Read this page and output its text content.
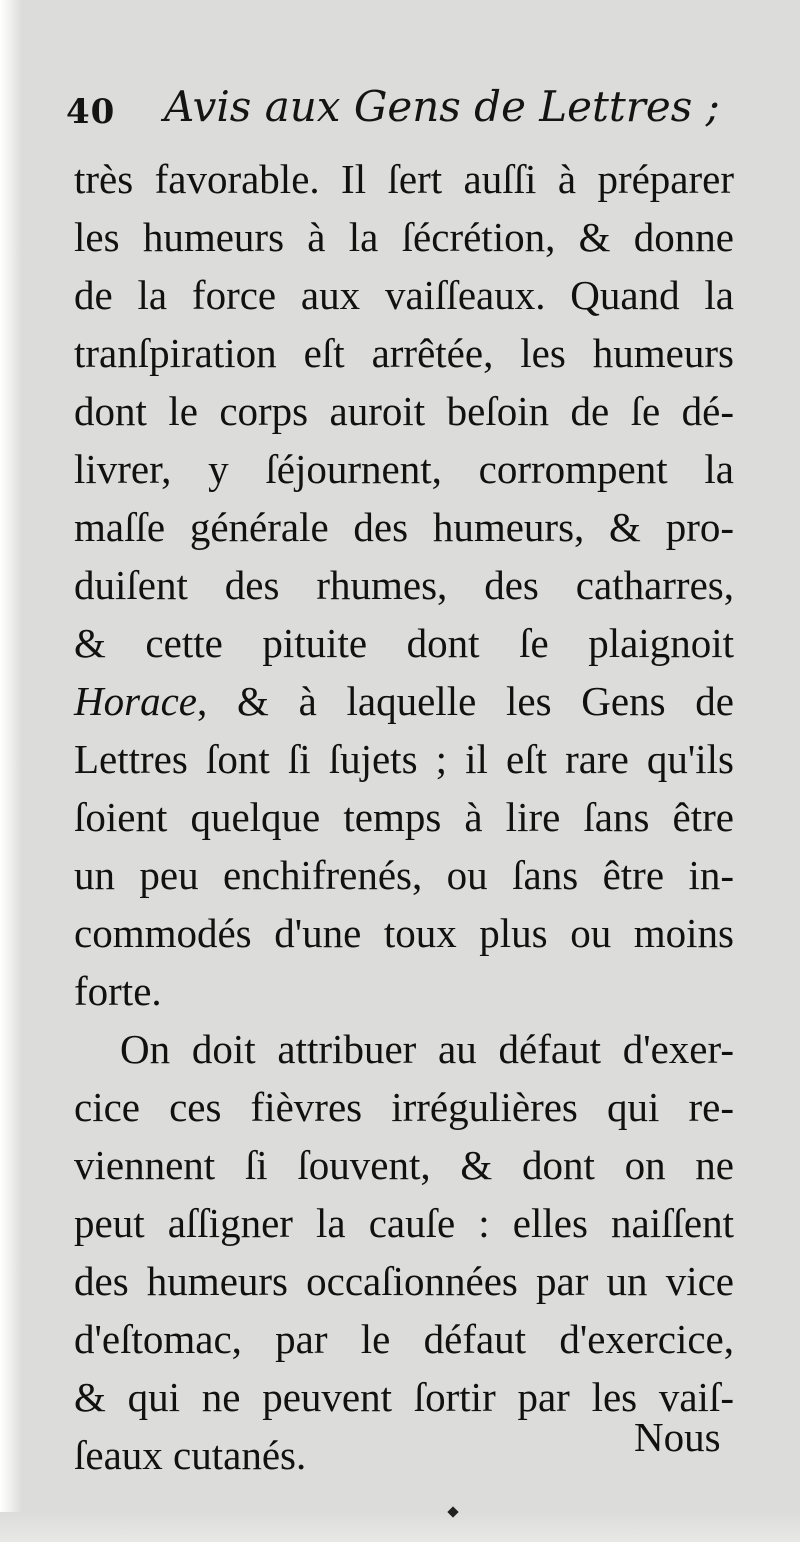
40 Avis aux Gens de Lettres ;
très favorable. Il ſert auſſi à préparer
les humeurs à la ſécrétion, & donne
de la force aux vaiſſeaux. Quand la
tranſpiration eſt arrêtée, les humeurs
dont le corps auroit beſoin de ſe dé-
livrer, y ſéjournent, corrompent la
maſſe générale des humeurs, & pro-
duiſent des rhumes, des catharres,
& cette pituite dont ſe plaignoit
Horace, & à laquelle les Gens de
Lettres ſont ſi ſujets ; il eſt rare qu'ils
ſoient quelque temps à lire ſans être
un peu enchifrenés, ou ſans être in-
commodés d'une toux plus ou moins
forte.
On doit attribuer au défaut d'exer-
cice ces fièvres irrégulières qui re-
viennent ſi ſouvent, & dont on ne
peut aſſigner la cauſe : elles naiſſent
des humeurs occaſionnées par un vice
d'eſtomac, par le défaut d'exercice,
& qui ne peuvent ſortir par les vaiſ-
ſeaux cutanés.	Nous
